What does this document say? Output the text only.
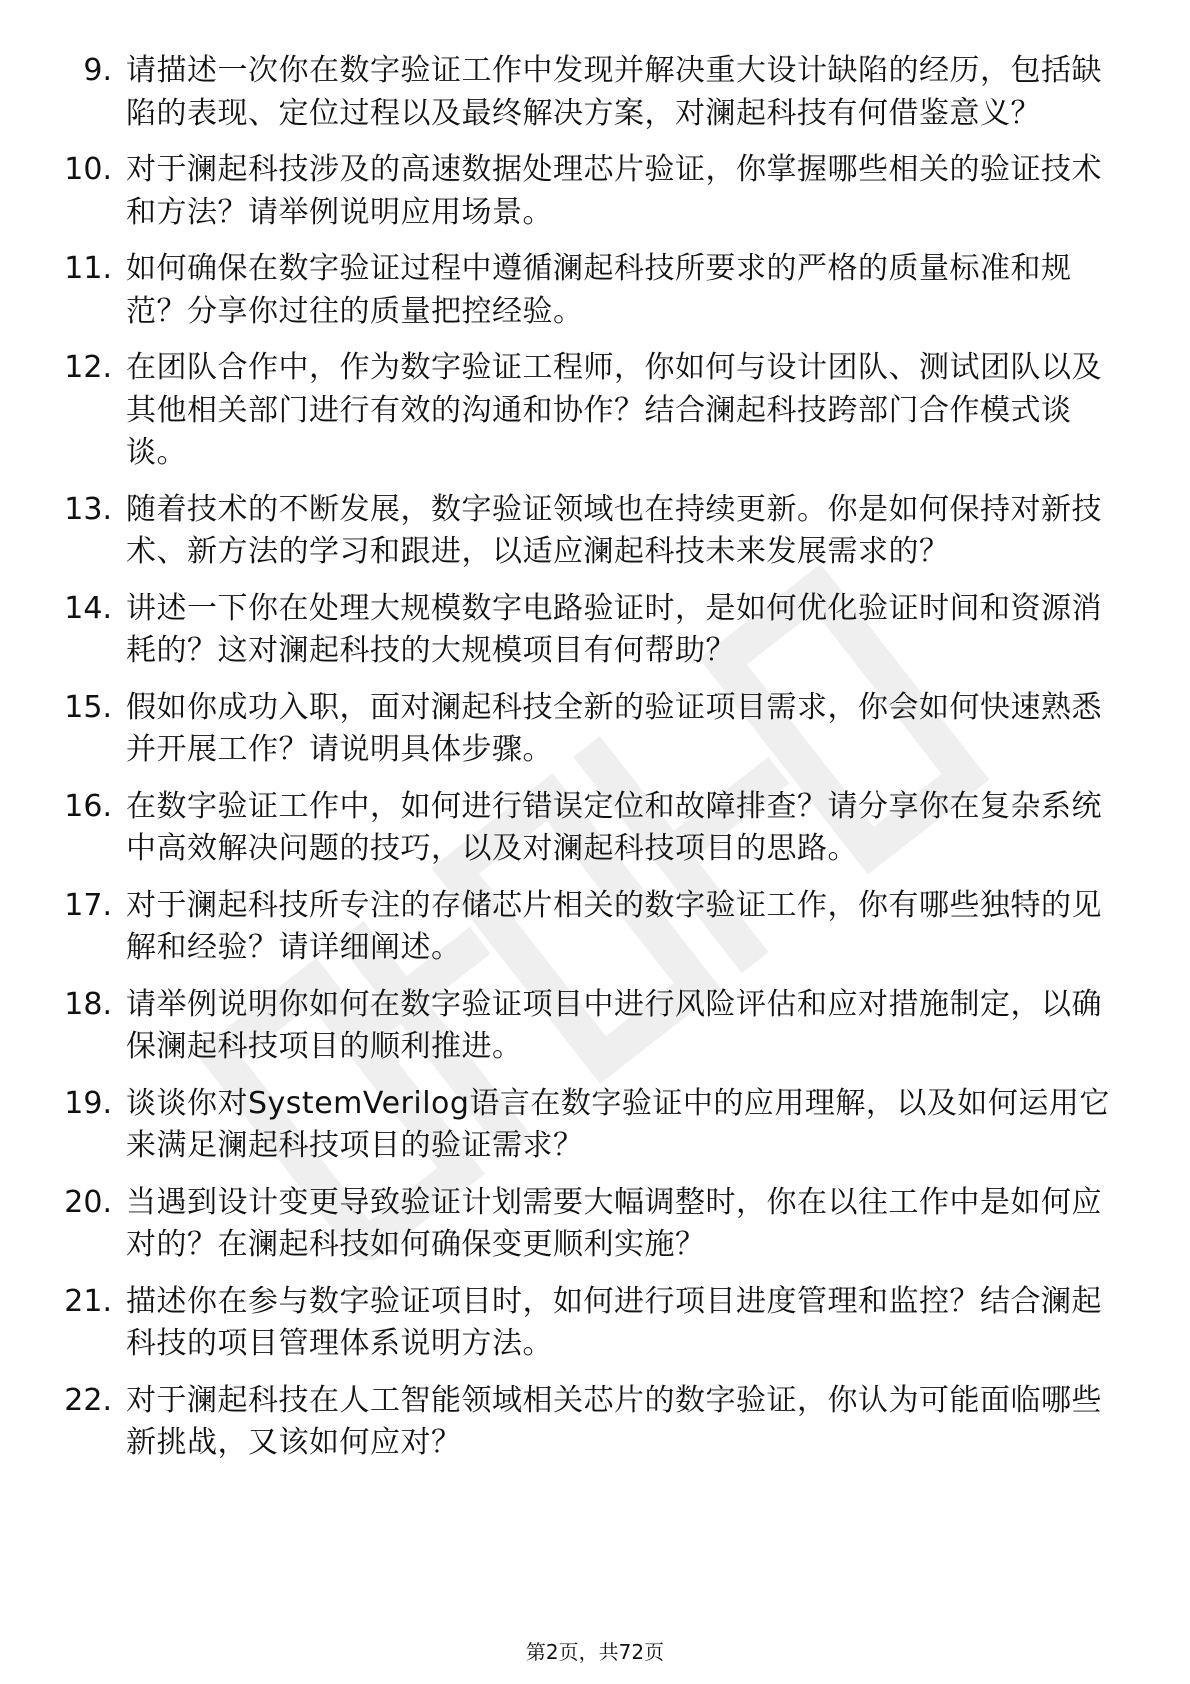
9. 请描述一次你在数字验证工作中发现并解决重大设计缺陷的经历，包括缺陷的表现、定位过程以及最终解决方案，对澜起科技有何借鉴意义？
10. 对于澜起科技涉及的高速数据处理芯片验证，你掌握哪些相关的验证技术和方法？请举例说明应用场景。
11. 如何确保在数字验证过程中遵循澜起科技所要求的严格的质量标准和规范？分享你过往的质量把控经验。
12. 在团队合作中，作为数字验证工程师，你如何与设计团队、测试团队以及其他相关部门进行有效的沟通和协作？结合澜起科技跨部门合作模式谈谈。
13. 随着技术的不断发展，数字验证领域也在持续更新。你是如何保持对新技术、新方法的学习和跟进，以适应澜起科技未来发展需求的？
14. 讲述一下你在处理大规模数字电路验证时，是如何优化验证时间和资源消耗的？这对澜起科技的大规模项目有何帮助？
15. 假如你成功入职，面对澜起科技全新的验证项目需求，你会如何快速熟悉并开展工作？请说明具体步骤。
16. 在数字验证工作中，如何进行错误定位和故障排查？请分享你在复杂系统中高效解决问题的技巧，以及对澜起科技项目的思路。
17. 对于澜起科技所专注的存储芯片相关的数字验证工作，你有哪些独特的见解和经验？请详细阐述。
18. 请举例说明你如何在数字验证项目中进行风险评估和应对措施制定，以确保澜起科技项目的顺利推进。
19. 谈谈你对SystemVerilog语言在数字验证中的应用理解，以及如何运用它来满足澜起科技项目的验证需求？
20. 当遇到设计变更导致验证计划需要大幅调整时，你在以往工作中是如何应对的？在澜起科技如何确保变更顺利实施？
21. 描述你在参与数字验证项目时，如何进行项目进度管理和监控？结合澜起科技的项目管理体系说明方法。
22. 对于澜起科技在人工智能领域相关芯片的数字验证，你认为可能面临哪些新挑战，又该如何应对？
第2页，共72页
